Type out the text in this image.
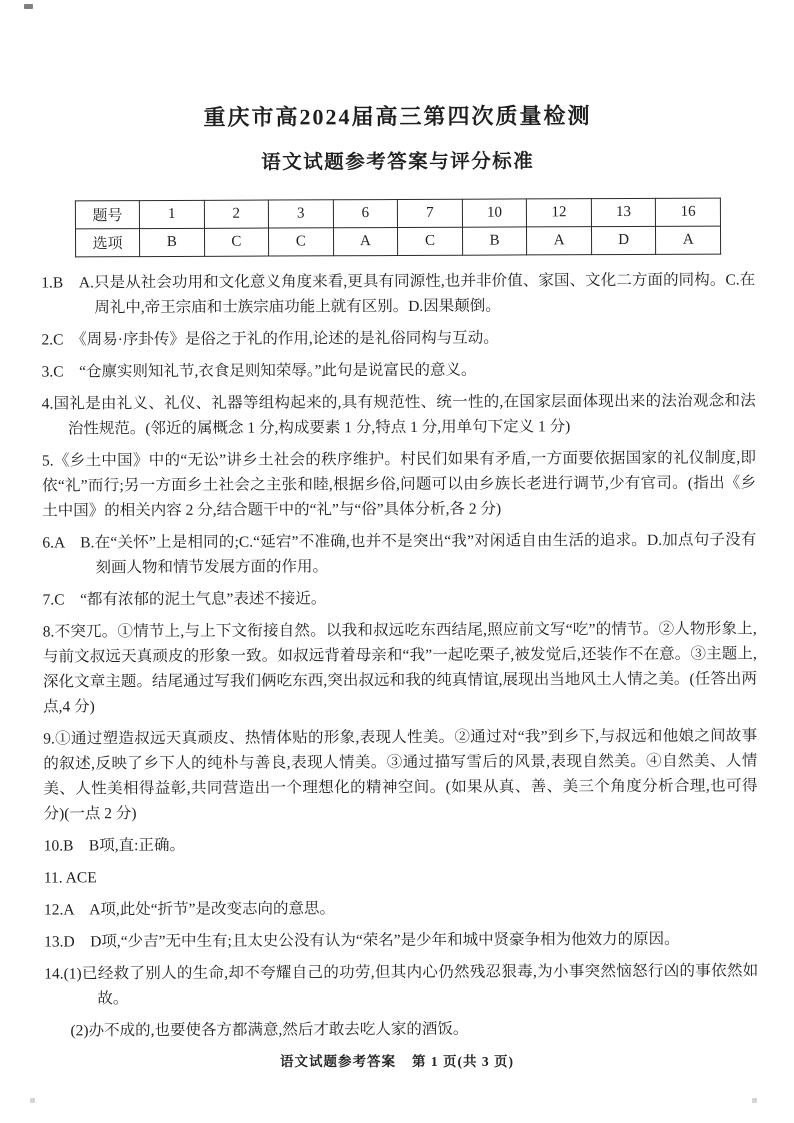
重庆市高2024届高三第四次质量检测
语文试题参考答案与评分标准
题号	1	2	3	6	7	10	12	13	16
选项	B	C	C	A	C	B	A	D	A

1.B　A.只是从社会功用和文化意义角度来看,更具有同源性,也并非价值、家国、文化二方面的同构。C.在周礼中,帝王宗庙和士族宗庙功能上就有区别。D.因果颠倒。

2.C　《周易·序卦传》是俗之于礼的作用,论述的是礼俗同构与互动。

3.C　“仓廪实则知礼节,衣食足则知荣辱。”此句是说富民的意义。

4.国礼是由礼义、礼仪、礼器等组构起来的,具有规范性、统一性的,在国家层面体现出来的法治观念和法治性规范。(邻近的属概念 1 分,构成要素 1 分,特点 1 分,用单句下定义 1 分)

5.《乡土中国》中的“无讼”讲乡土社会的秩序维护。村民们如果有矛盾,一方面要依据国家的礼仪制度,即依“礼”而行;另一方面乡土社会之主张和睦,根据乡俗,问题可以由乡族长老进行调节,少有官司。(指出《乡土中国》的相关内容 2 分,结合题干中的“礼”与“俗”具体分析,各 2 分)

6.A　B.在“关怀”上是相同的;C.“延宕”不准确,也并不是突出“我”对闲适自由生活的追求。D.加点句子没有刻画人物和情节发展方面的作用。

7.C　“都有浓郁的泥土气息”表述不接近。

8.不突兀。①情节上,与上下文衔接自然。以我和叔远吃东西结尾,照应前文写“吃”的情节。②人物形象上,与前文叔远天真顽皮的形象一致。如叔远背着母亲和“我”一起吃栗子,被发觉后,还装作不在意。③主题上,深化文章主题。结尾通过写我们俩吃东西,突出叔远和我的纯真情谊,展现出当地风土人情之美。(任答出两点,4 分)

9.①通过塑造叔远天真顽皮、热情体贴的形象,表现人性美。②通过对“我”到乡下,与叔远和他娘之间故事的叙述,反映了乡下人的纯朴与善良,表现人情美。③通过描写雪后的风景,表现自然美。④自然美、人情美、人性美相得益彰,共同营造出一个理想化的精神空间。(如果从真、善、美三个角度分析合理,也可得分)(一点 2 分)

10.B　B项,直:正确。

11. ACE

12.A　A项,此处“折节”是改变志向的意思。

13.D　D项,“少吉”无中生有;且太史公没有认为“荣名”是少年和城中贤豪争相为他效力的原因。

14.(1)已经救了别人的生命,却不夸耀自己的功劳,但其内心仍然残忍狠毒,为小事突然恼怒行凶的事依然如故。

(2)办不成的,也要使各方都满意,然后才敢去吃人家的酒饭。

语文试题参考答案 第 1 页(共 3 页)
